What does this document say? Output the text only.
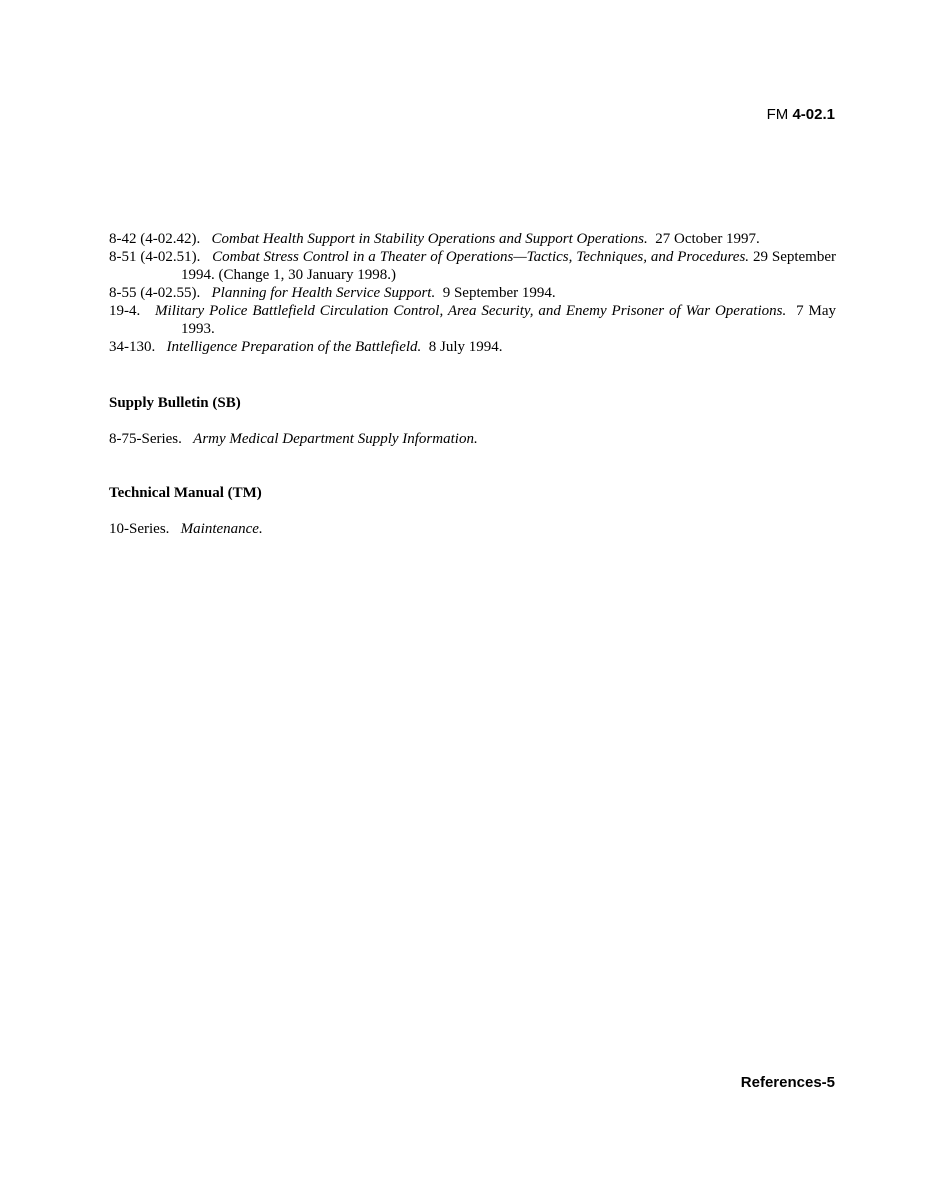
FM 4-02.1

8-42 (4-02.42). Combat Health Support in Stability Operations and Support Operations. 27 October 1997.

8-51 (4-02.51). Combat Stress Control in a Theater of Operations—Tactics, Techniques, and Procedures. 29 September 1994. (Change 1, 30 January 1998.)

8-55 (4-02.55). Planning for Health Service Support. 9 September 1994.

19-4. Military Police Battlefield Circulation Control, Area Security, and Enemy Prisoner of War Operations. 7 May 1993.

34-130. Intelligence Preparation of the Battlefield. 8 July 1994.

Supply Bulletin (SB)

8-75-Series. Army Medical Department Supply Information.

Technical Manual (TM)

10-Series. Maintenance.

References-5
